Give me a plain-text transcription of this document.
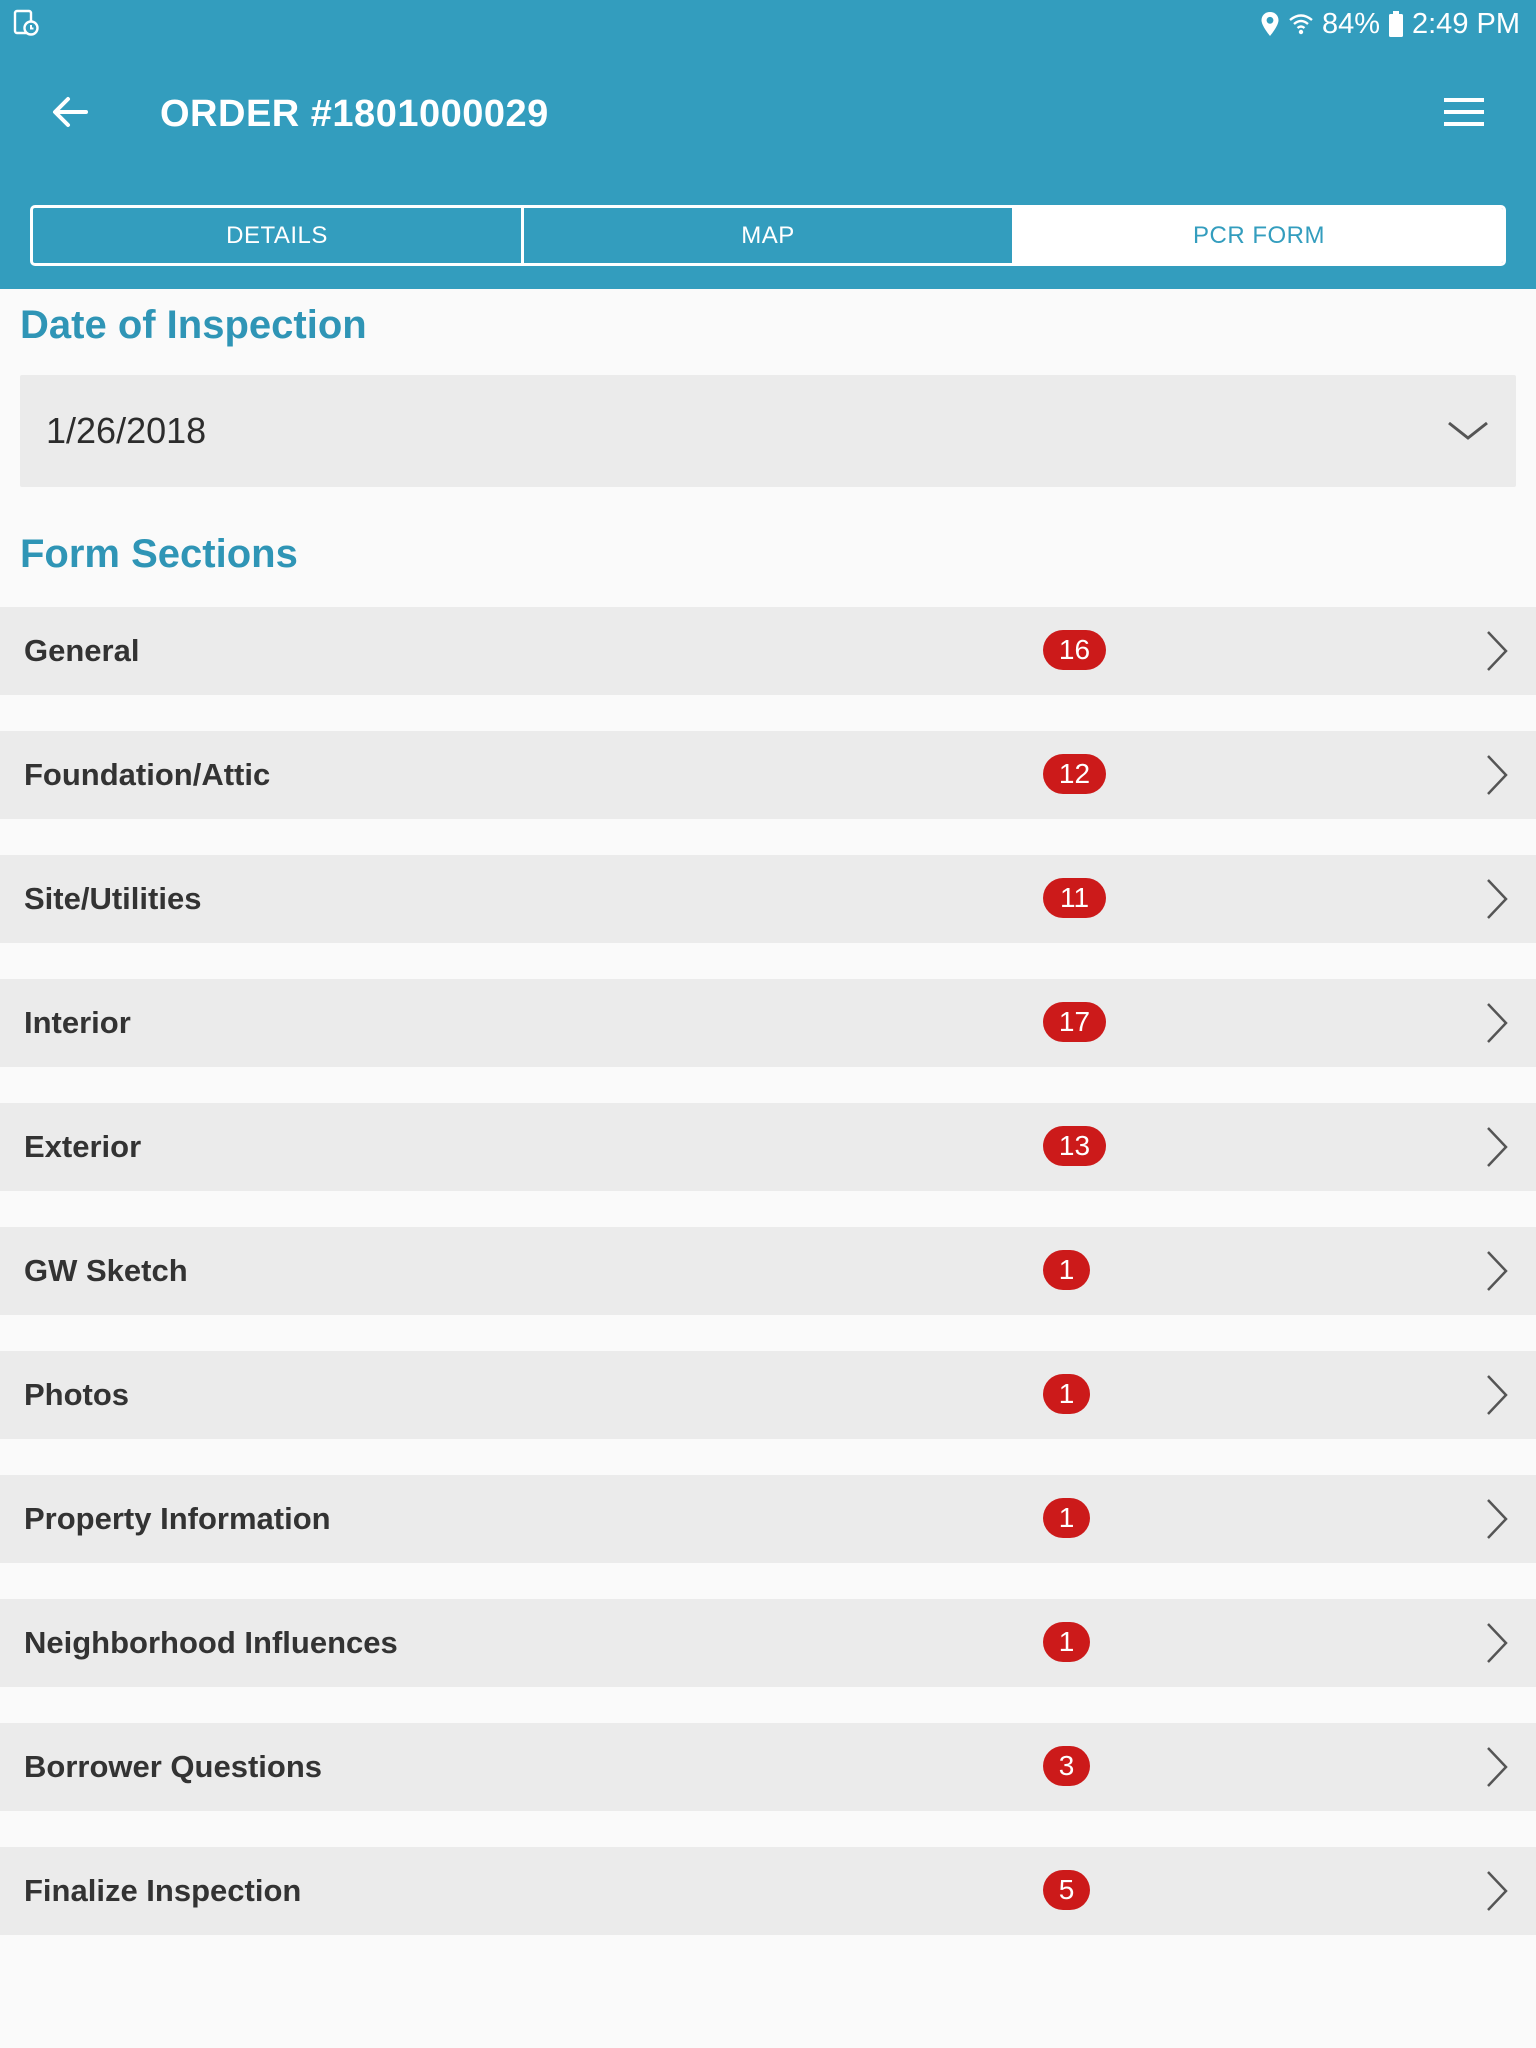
84% 2:49 PM
ORDER #1801000029
DETAILS	MAP	PCR FORM
Date of Inspection
1/26/2018
Form Sections
General	16
Foundation/Attic	12
Site/Utilities	11
Interior	17
Exterior	13
GW Sketch	1
Photos	1
Property Information	1
Neighborhood Influences	1
Borrower Questions	3
Finalize Inspection	5
